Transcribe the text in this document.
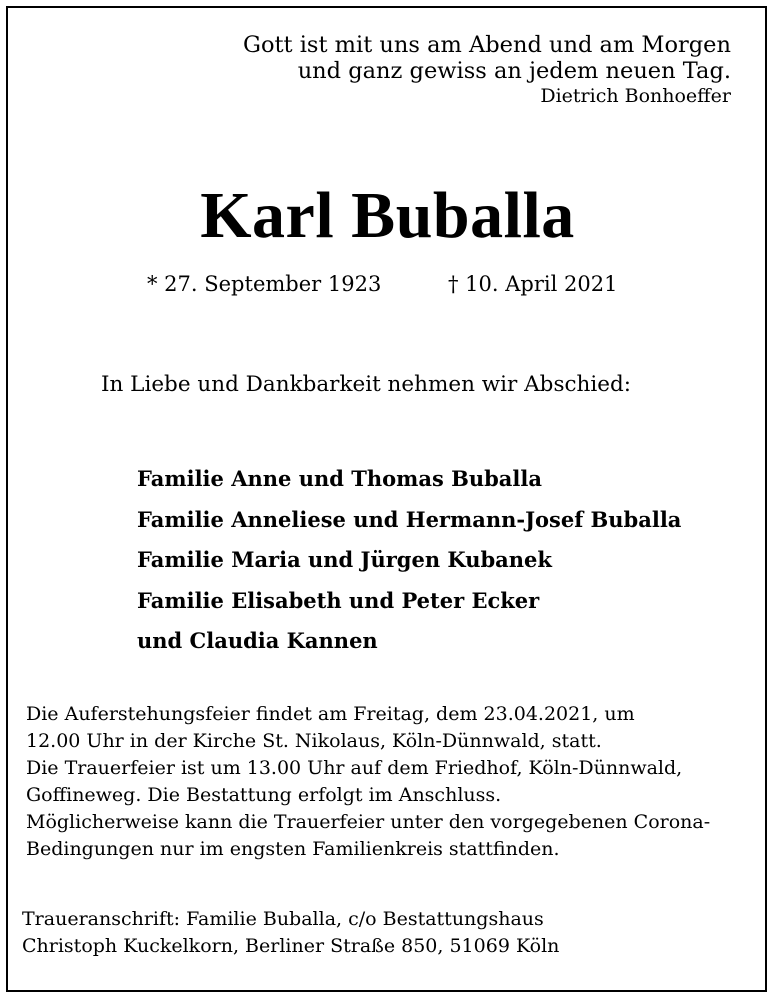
Gott ist mit uns am Abend und am Morgen
und ganz gewiss an jedem neuen Tag.
Dietrich Bonhoeffer
Karl Buballa
* 27. September 1923	† 10. April 2021
In Liebe und Dankbarkeit nehmen wir Abschied:
Familie Anne und Thomas Buballa
Familie Anneliese und Hermann-Josef Buballa
Familie Maria und Jürgen Kubanek
Familie Elisabeth und Peter Ecker
und Claudia Kannen
Die Auferstehungsfeier findet am Freitag, dem 23.04.2021, um
12.00 Uhr in der Kirche St. Nikolaus, Köln-Dünnwald, statt.
Die Trauerfeier ist um 13.00 Uhr auf dem Friedhof, Köln-Dünnwald,
Goffineweg. Die Bestattung erfolgt im Anschluss.
Möglicherweise kann die Trauerfeier unter den vorgegebenen Corona-
Bedingungen nur im engsten Familienkreis stattfinden.
Traueranschrift: Familie Buballa, c/o Bestattungshaus
Christoph Kuckelkorn, Berliner Straße 850, 51069 Köln
